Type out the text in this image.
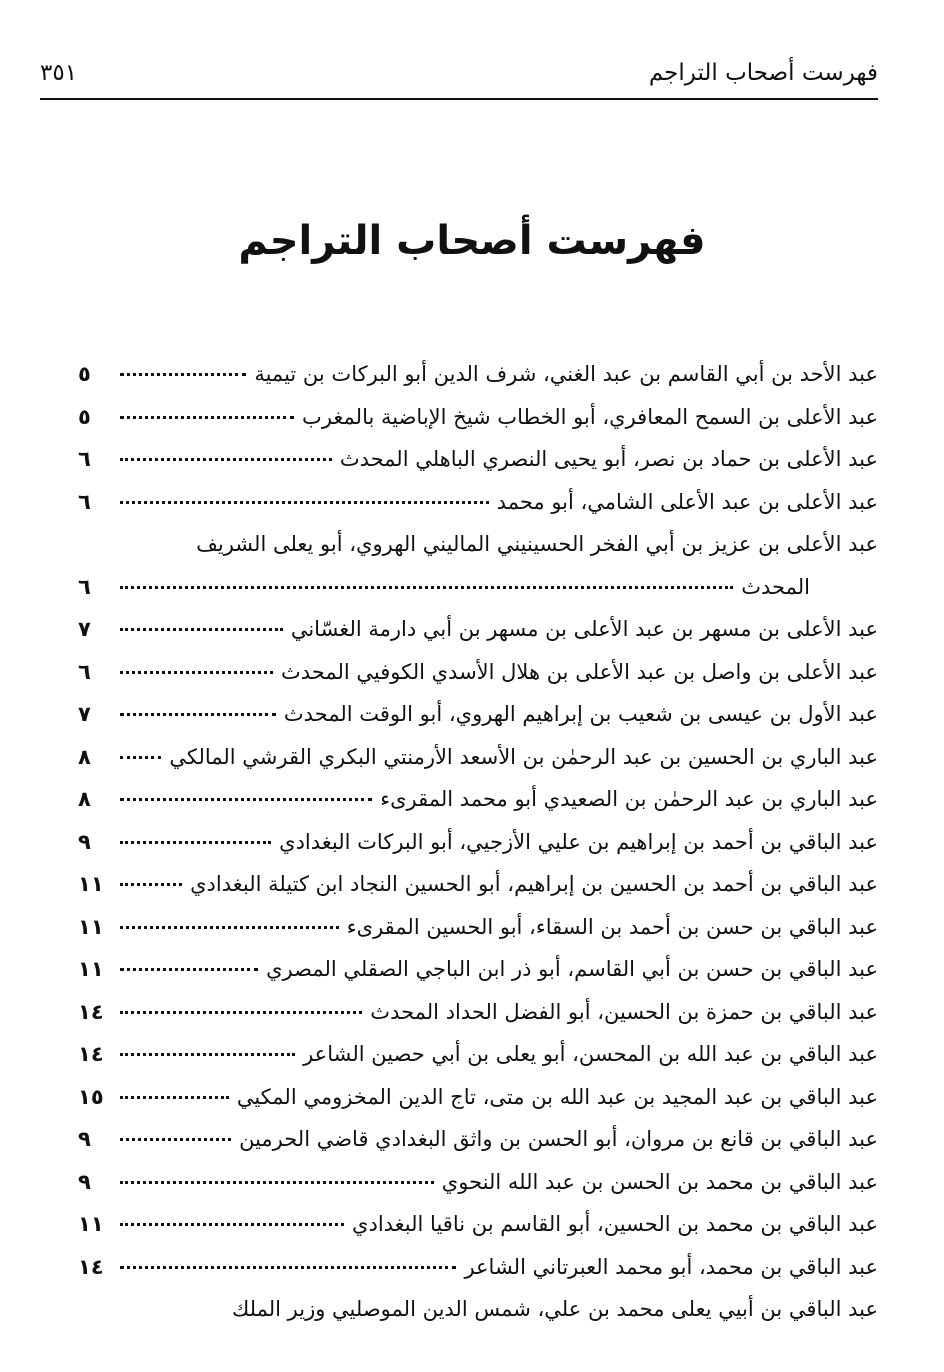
فهرست أصحاب التراجم
٣٥١
فهرست أصحاب التراجم
عبد الأحد بن أبي القاسم بن عبد الغني، شرف الدين أبو البركات بن تيمية
٥
عبد الأعلى بن السمح المعافري، أبو الخطاب شيخ الإباضية بالمغرب
٥
عبد الأعلى بن حماد بن نصر، أبو يحيى النصري الباهلي المحدث
٦
عبد الأعلى بن عبد الأعلى الشامي، أبو محمد
٦
عبد الأعلى بن عزيز بن أبي الفخر الحسينيني الماليني الهروي، أبو يعلى الشريف
المحدث
٦
عبد الأعلى بن مسهر بن عبد الأعلى بن مسهر بن أبي دارمة الغسّاني
٧
عبد الأعلى بن واصل بن عبد الأعلى بن هلال الأسدي الكوفيي المحدث
٦
عبد الأول بن عيسى بن شعيب بن إبراهيم الهروي، أبو الوقت المحدث
٧
عبد الباري بن الحسين بن عبد الرحمٰن بن الأسعد الأرمنتي البكري القرشي المالكي
٨
عبد الباري بن عبد الرحمٰن بن الصعيدي أبو محمد المقرىء
٨
عبد الباقي بن أحمد بن إبراهيم بن عليي الأزجيي، أبو البركات البغدادي
٩
عبد الباقي بن أحمد بن الحسين بن إبراهيم، أبو الحسين النجاد ابن كتيلة البغدادي
١١
عبد الباقي بن حسن بن أحمد بن السقاء، أبو الحسين المقرىء
١١
عبد الباقي بن حسن بن أبي القاسم، أبو ذر ابن الباجي الصقلي المصري
١١
عبد الباقي بن حمزة بن الحسين، أبو الفضل الحداد المحدث
١٤
عبد الباقي بن عبد الله بن المحسن، أبو يعلى بن أبي حصين الشاعر
١٤
عبد الباقي بن عبد المجيد بن عبد الله بن متى، تاج الدين المخزومي المكيي
١٥
عبد الباقي بن قانع بن مروان، أبو الحسن بن واثق البغدادي قاضي الحرمين
٩
عبد الباقي بن محمد بن الحسن بن عبد الله النحوي
٩
عبد الباقي بن محمد بن الحسين، أبو القاسم بن ناقيا البغدادي
١١
عبد الباقي بن محمد، أبو محمد العبرتاني الشاعر
١٤
عبد الباقي بن أبيي يعلى محمد بن علي، شمس الدين الموصليي وزير الملك
